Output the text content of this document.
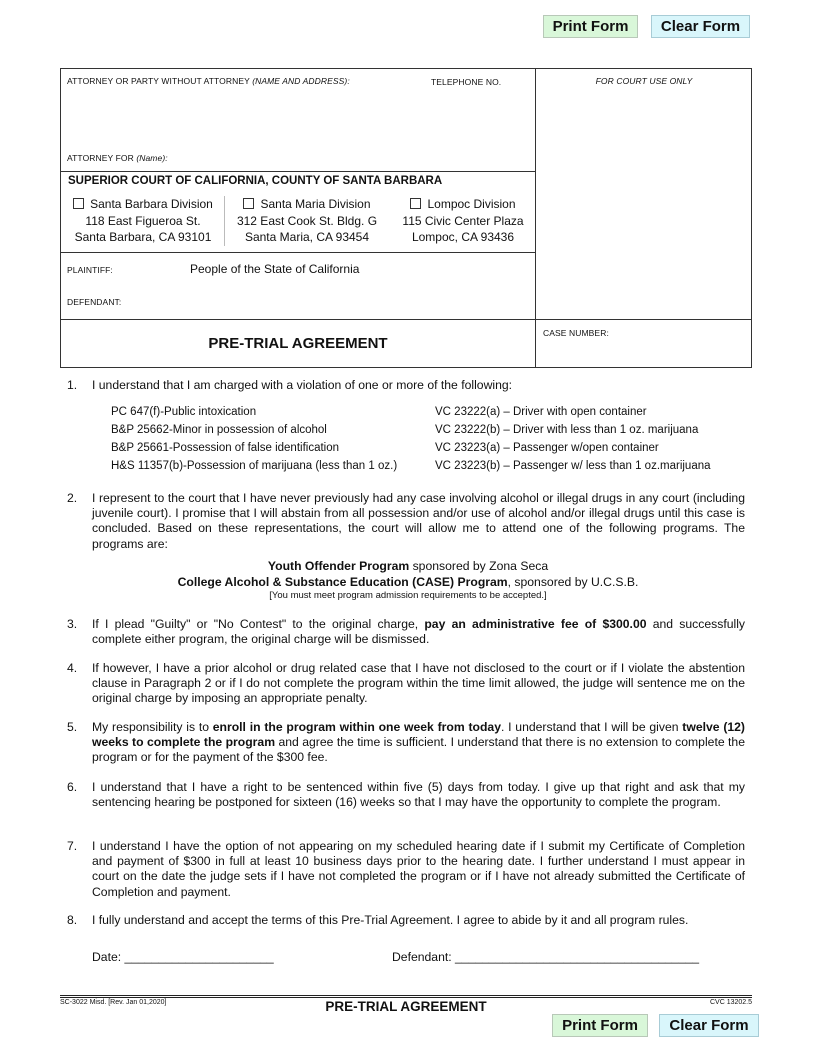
Print Form	Clear Form
ATTORNEY OR PARTY WITHOUT ATTORNEY (NAME AND ADDRESS):	TELEPHONE NO.
ATTORNEY FOR (Name):
FOR COURT USE ONLY
SUPERIOR COURT OF CALIFORNIA, COUNTY OF SANTA BARBARA
Santa Barbara Division
118 East Figueroa St.
Santa Barbara, CA 93101
Santa Maria Division
312 East Cook St. Bldg. G
Santa Maria, CA 93454
Lompoc Division
115 Civic Center Plaza
Lompoc, CA 93436
PLAINTIFF:	People of the State of California
DEFENDANT:
PRE-TRIAL AGREEMENT
CASE NUMBER:
1. I understand that I am charged with a violation of one or more of the following:
PC 647(f)-Public intoxication
B&P 25662-Minor in possession of alcohol
B&P 25661-Possession of false identification
H&S 11357(b)-Possession of marijuana (less than 1 oz.)
VC 23222(a) – Driver with open container
VC 23222(b) – Driver with less than 1 oz. marijuana
VC 23223(a) – Passenger w/open container
VC 23223(b) – Passenger w/ less than 1 oz.marijuana
2. I represent to the court that I have never previously had any case involving alcohol or illegal drugs in any court (including juvenile court). I promise that I will abstain from all possession and/or use of alcohol and/or illegal drugs until this case is concluded. Based on these representations, the court will allow me to attend one of the following programs. The programs are:
Youth Offender Program sponsored by Zona Seca
College Alcohol & Substance Education (CASE) Program, sponsored by U.C.S.B.
[You must meet program admission requirements to be accepted.]
3. If I plead "Guilty" or "No Contest" to the original charge, pay an administrative fee of $300.00 and successfully complete either program, the original charge will be dismissed.
4. If however, I have a prior alcohol or drug related case that I have not disclosed to the court or if I violate the abstention clause in Paragraph 2 or if I do not complete the program within the time limit allowed, the judge will sentence me on the original charge by imposing an appropriate penalty.
5. My responsibility is to enroll in the program within one week from today. I understand that I will be given twelve (12) weeks to complete the program and agree the time is sufficient. I understand that there is no extension to complete the program or for the payment of the $300 fee.
6. I understand that I have a right to be sentenced within five (5) days from today. I give up that right and ask that my sentencing hearing be postponed for sixteen (16) weeks so that I may have the opportunity to complete the program.
7. I understand I have the option of not appearing on my scheduled hearing date if I submit my Certificate of Completion and payment of $300 in full at least 10 business days prior to the hearing date. I further understand I must appear in court on the date the judge sets if I have not completed the program or if I have not already submitted the Certificate of Completion and payment.
8. I fully understand and accept the terms of this Pre-Trial Agreement. I agree to abide by it and all program rules.
Date: ______________________	Defendant: ____________________________________
SC-3022 Misd. [Rev. Jan 01,2020]	PRE-TRIAL AGREEMENT	CVC 13202.5
Print Form	Clear Form
